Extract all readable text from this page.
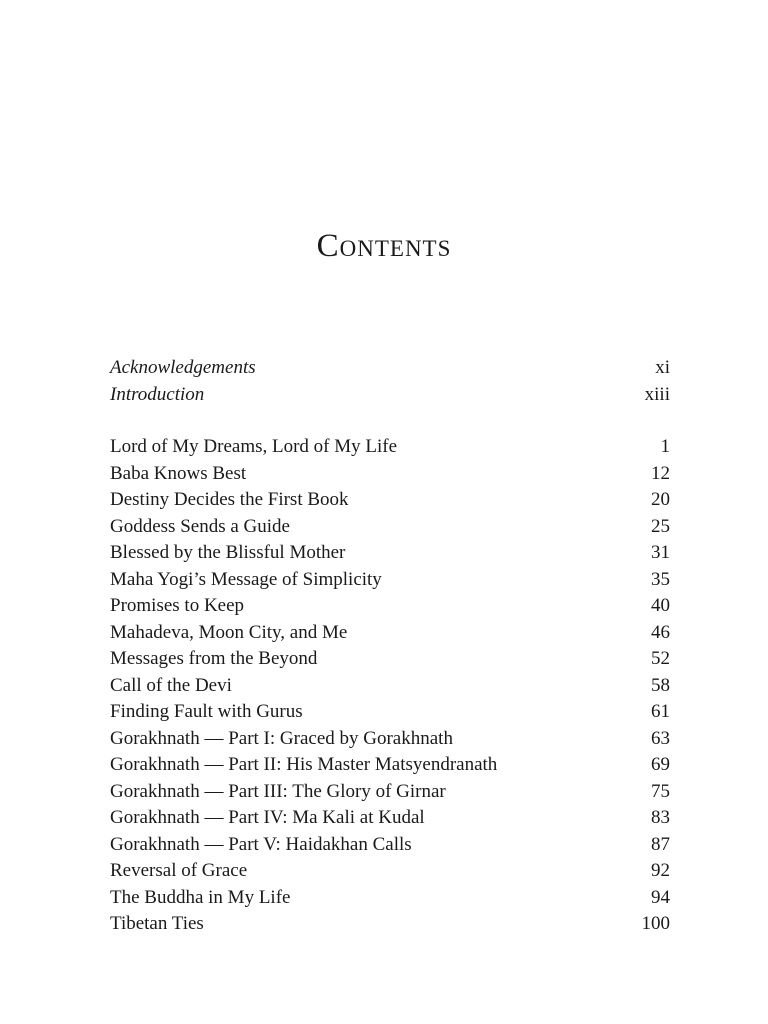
Contents
Acknowledgements	xi
Introduction	xiii
Lord of My Dreams, Lord of My Life	1
Baba Knows Best	12
Destiny Decides the First Book	20
Goddess Sends a Guide	25
Blessed by the Blissful Mother	31
Maha Yogi’s Message of Simplicity	35
Promises to Keep	40
Mahadeva, Moon City, and Me	46
Messages from the Beyond	52
Call of the Devi	58
Finding Fault with Gurus	61
Gorakhnath — Part I: Graced by Gorakhnath	63
Gorakhnath — Part II: His Master Matsyendranath	69
Gorakhnath — Part III: The Glory of Girnar	75
Gorakhnath — Part IV: Ma Kali at Kudal	83
Gorakhnath — Part V: Haidakhan Calls	87
Reversal of Grace	92
The Buddha in My Life	94
Tibetan Ties	100
